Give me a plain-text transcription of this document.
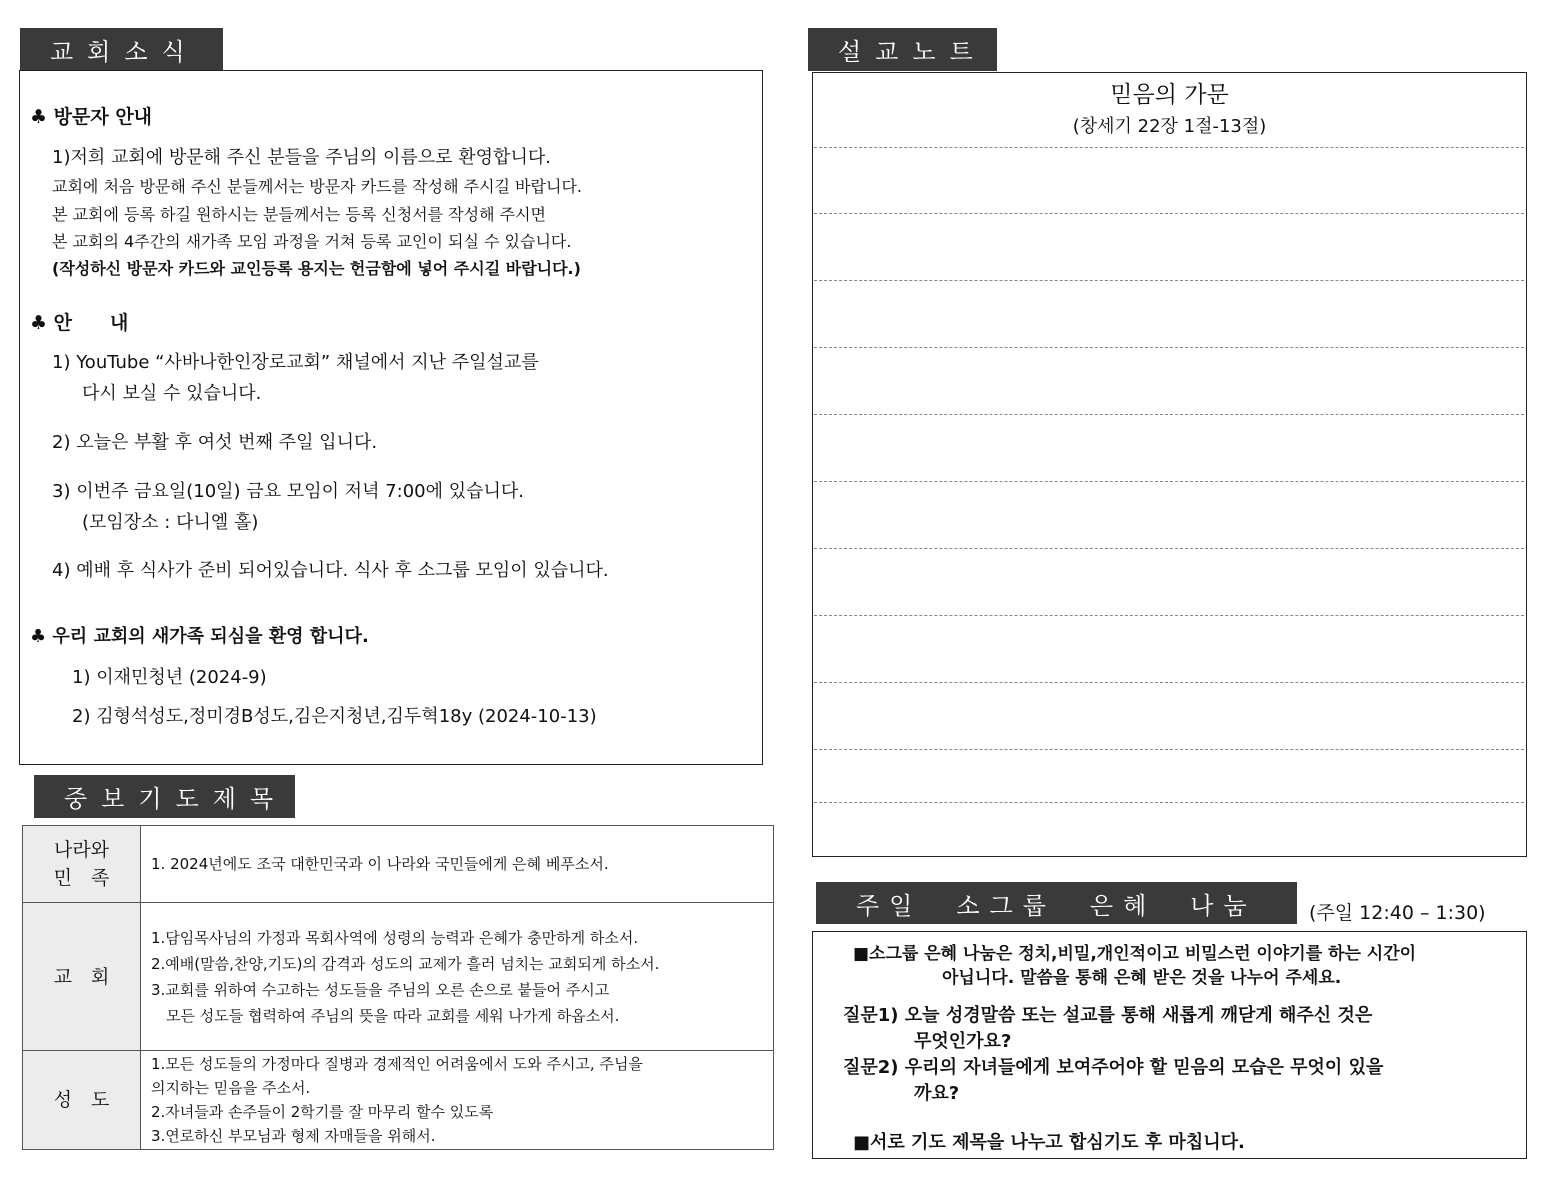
교회소식
♣ 방문자 안내
1)저희 교회에 방문해 주신 분들을 주님의 이름으로 환영합니다.
교회에 처음 방문해 주신 분들께서는 방문자 카드를 작성해 주시길 바랍니다.
본 교회에 등록 하길 원하시는 분들께서는 등록 신청서를 작성해 주시면
본 교회의 4주간의 새가족 모임 과정을 거쳐 등록 교인이 되실 수 있습니다.
(작성하신 방문자 카드와 교인등록 용지는 헌금함에 넣어 주시길 바랍니다.)
♣ 안　　내
1) YouTube “사바나한인장로교회” 채널에서 지난 주일설교를
다시 보실 수 있습니다.
2) 오늘은 부활 후 여섯 번째 주일 입니다.
3) 이번주 금요일(10일) 금요 모임이 저녁 7:00에 있습니다.
(모임장소 : 다니엘 홀)
4) 예배 후 식사가 준비 되어있습니다. 식사 후 소그룹 모임이 있습니다.
♣ 우리 교회의 새가족 되심을 환영 합니다.
1) 이재민청년 (2024-9)
2) 김형석성도,정미경B성도,김은지청년,김두혁18y (2024-10-13)
중보기도제목
나라와
민　족	1. 2024년에도 조국 대한민국과 이 나라와 국민들에게 은혜 베푸소서.

교　회	1.담임목사님의 가정과 목회사역에 성령의 능력과 은혜가 충만하게 하소서.
2.예배(말씀,찬양,기도)의 감격과 성도의 교제가 흘러 넘치는 교회되게 하소서.
3.교회를 위하여 수고하는 성도들을 주님의 오른 손으로 붙들어 주시고
　모든 성도들 협력하여 주님의 뜻을 따라 교회를 세워 나가게 하옵소서.

성　도	1.모든 성도들의 가정마다 질병과 경제적인 어려움에서 도와 주시고, 주님을
의지하는 믿음을 주소서.
2.자녀들과 손주들이 2학기를 잘 마무리 할수 있도록
3.연로하신 부모님과 형제 자매들을 위해서.
설교노트
믿음의 가문
(창세기 22장 1절-13절)
주일　소그룹　은혜　나눔	(주일 12:40 – 1:30)
■소그룹 은혜 나눔은 정치,비밀,개인적이고 비밀스런 이야기를 하는 시간이
아닙니다. 말씀을 통해 은혜 받은 것을 나누어 주세요.
질문1) 오늘 성경말씀 또는 설교를 통해 새롭게 깨닫게 해주신 것은
무엇인가요?
질문2) 우리의 자녀들에게 보여주어야 할 믿음의 모습은 무엇이 있을
까요?
■서로 기도 제목을 나누고 합심기도 후 마칩니다.
